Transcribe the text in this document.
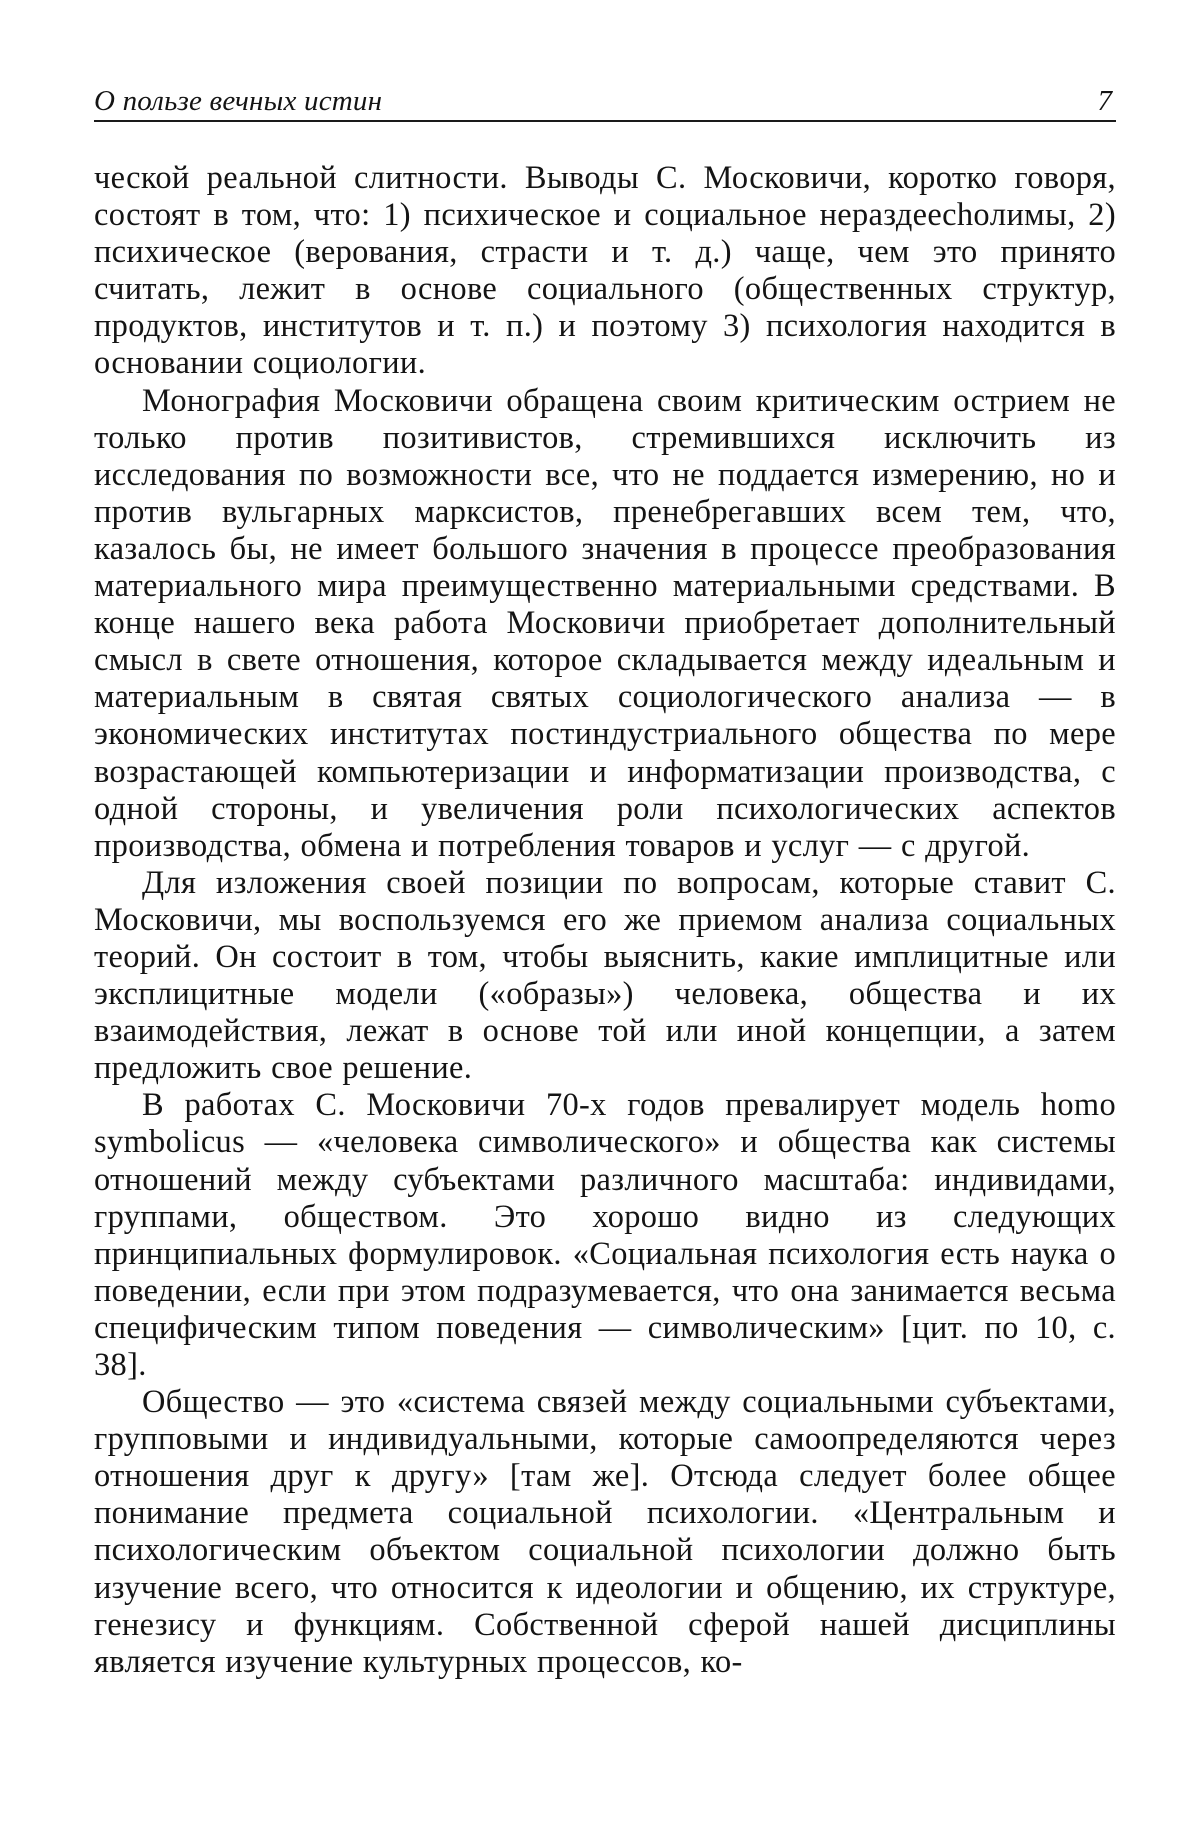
О пользе вечных истин	7

ческой реальной слитности. Выводы С. Московичи, коротко говоря, состоят в том, что: 1) психическое и социальное нераздеechoлимы, 2) психическое (верования, страсти и т. д.) чаще, чем это принято считать, лежит в основе социального (общественных структур, продуктов, институтов и т. п.) и поэтому 3) психология находится в основании социологии.

Монография Московичи обращена своим критическим острием не только против позитивистов, стремившихся исключить из исследования по возможности все, что не поддается измерению, но и против вульгарных марксистов, пренебрегавших всем тем, что, казалось бы, не имеет большого значения в процессе преобразования материального мира преимущественно материальными средствами. В конце нашего века работа Московичи приобретает дополнительный смысл в свете отношения, которое складывается между идеальным и материальным в святая святых социологического анализа — в экономических институтах постиндустриального общества по мере возрастающей компьютеризации и информатизации производства, с одной стороны, и увеличения роли психологических аспектов производства, обмена и потребления товаров и услуг — с другой.

Для изложения своей позиции по вопросам, которые ставит С. Московичи, мы воспользуемся его же приемом анализа социальных теорий. Он состоит в том, чтобы выяснить, какие имплицитные или эксплицитные модели («образы») человека, общества и их взаимодействия, лежат в основе той или иной концепции, а затем предложить свое решение.

В работах С. Московичи 70-х годов превалирует модель homo symbolicus — «человека символического» и общества как системы отношений между субъектами различного масштаба: индивидами, группами, обществом. Это хорошо видно из следующих принципиальных формулировок. «Социальная психология есть наука о поведении, если при этом подразумевается, что она занимается весьма специфическим типом поведения — символическим» [цит. по 10, с. 38].

Общество — это «система связей между социальными субъектами, групповыми и индивидуальными, которые самоопределяются через отношения друг к другу» [там же]. Отсюда следует более общее понимание предмета социальной психологии. «Центральным и психологическим объектом социальной психологии должно быть изучение всего, что относится к идеологии и общению, их структуре, генезису и функциям. Собственной сферой нашей дисциплины является изучение культурных процессов, ко-
